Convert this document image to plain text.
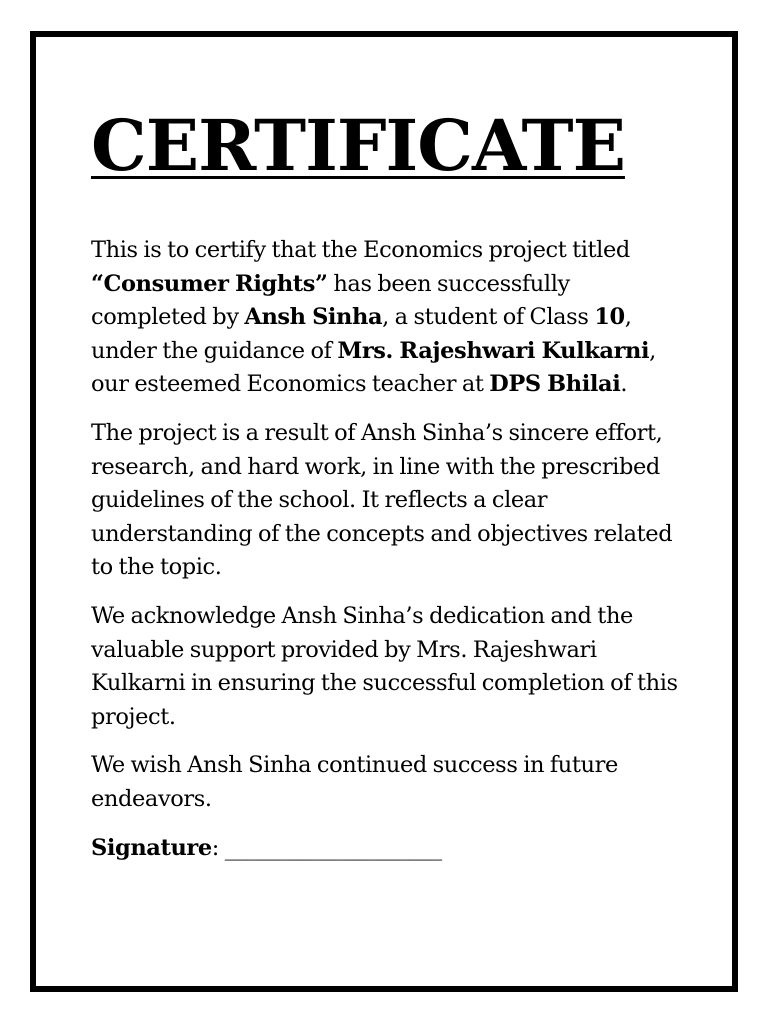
CERTIFICATE

This is to certify that the Economics project titled “Consumer Rights” has been successfully completed by Ansh Sinha, a student of Class 10, under the guidance of Mrs. Rajeshwari Kulkarni, our esteemed Economics teacher at DPS Bhilai.

The project is a result of Ansh Sinha’s sincere effort, research, and hard work, in line with the prescribed guidelines of the school. It reflects a clear understanding of the concepts and objectives related to the topic.

We acknowledge Ansh Sinha’s dedication and the valuable support provided by Mrs. Rajeshwari Kulkarni in ensuring the successful completion of this project.

We wish Ansh Sinha continued success in future endeavors.

Signature: ____________________
